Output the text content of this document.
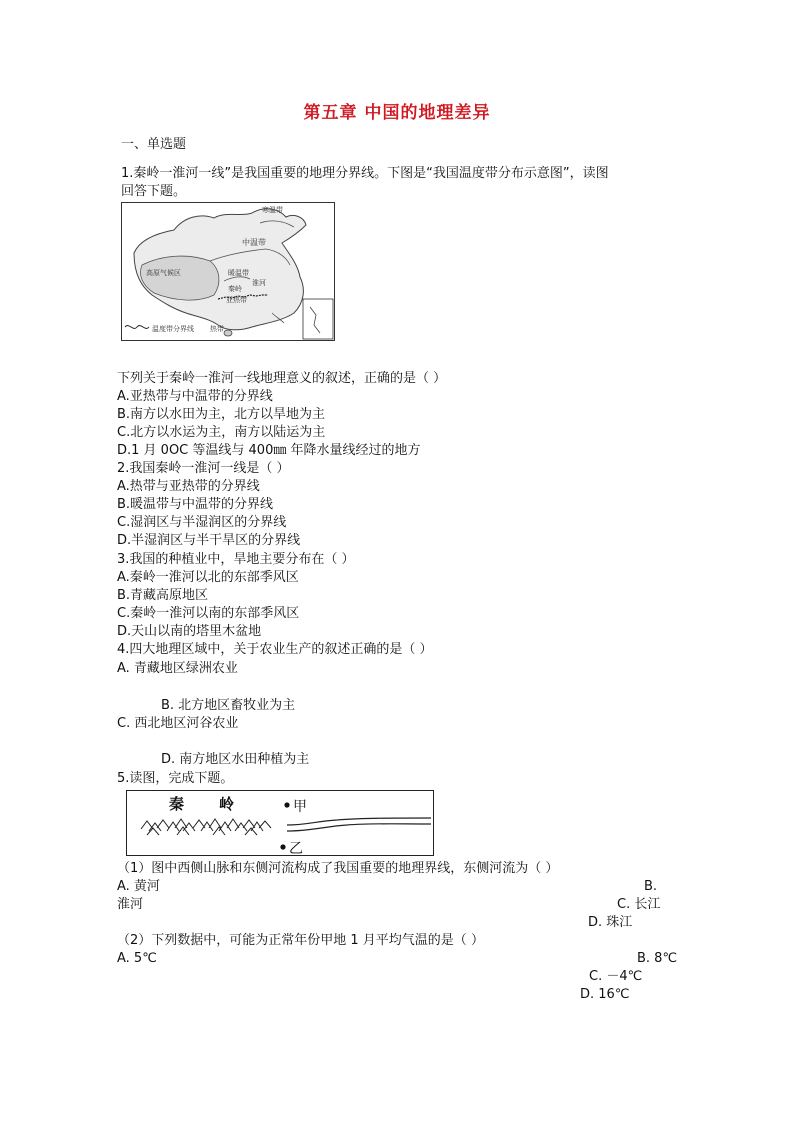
第五章 中国的地理差异
一、单选题
1.秦岭一淮河一线”是我国重要的地理分界线。下图是“我国温度带分布示意图”，读图
回答下题。
寒温带
中温带
高原气候区	暖温带
淮河
秦岭
亚热带
温度带分界线 热带
下列关于秦岭一淮河一线地理意义的叙述，正确的是（ ）
A.亚热带与中温带的分界线
B.南方以水田为主，北方以旱地为主
C.北方以水运为主，南方以陆运为主
D.1 月 0OC 等温线与 400㎜ 年降水量线经过的地方
2.我国秦岭一淮河一线是（ ）
A.热带与亚热带的分界线
B.暖温带与中温带的分界线
C.湿润区与半湿润区的分界线
D.半湿润区与半干旱区的分界线
3.我国的种植业中，旱地主要分布在（ ）
A.秦岭一淮河以北的东部季风区
B.青藏高原地区
C.秦岭一淮河以南的东部季风区
D.天山以南的塔里木盆地
4.四大地理区域中，关于农业生产的叙述正确的是（ ）
A. 青藏地区绿洲农业
B. 北方地区畜牧业为主
C. 西北地区河谷农业
D. 南方地区水田种植为主
5.读图，完成下题。
秦 岭	甲
乙
（1）图中西侧山脉和东侧河流构成了我国重要的地理界线，东侧河流为（ ）
A. 黄河	B.
淮河	C. 长江
D. 珠江
（2）下列数据中，可能为正常年份甲地 1 月平均气温的是（ ）
A. 5℃	B. 8℃
C. －4℃
D. 16℃
